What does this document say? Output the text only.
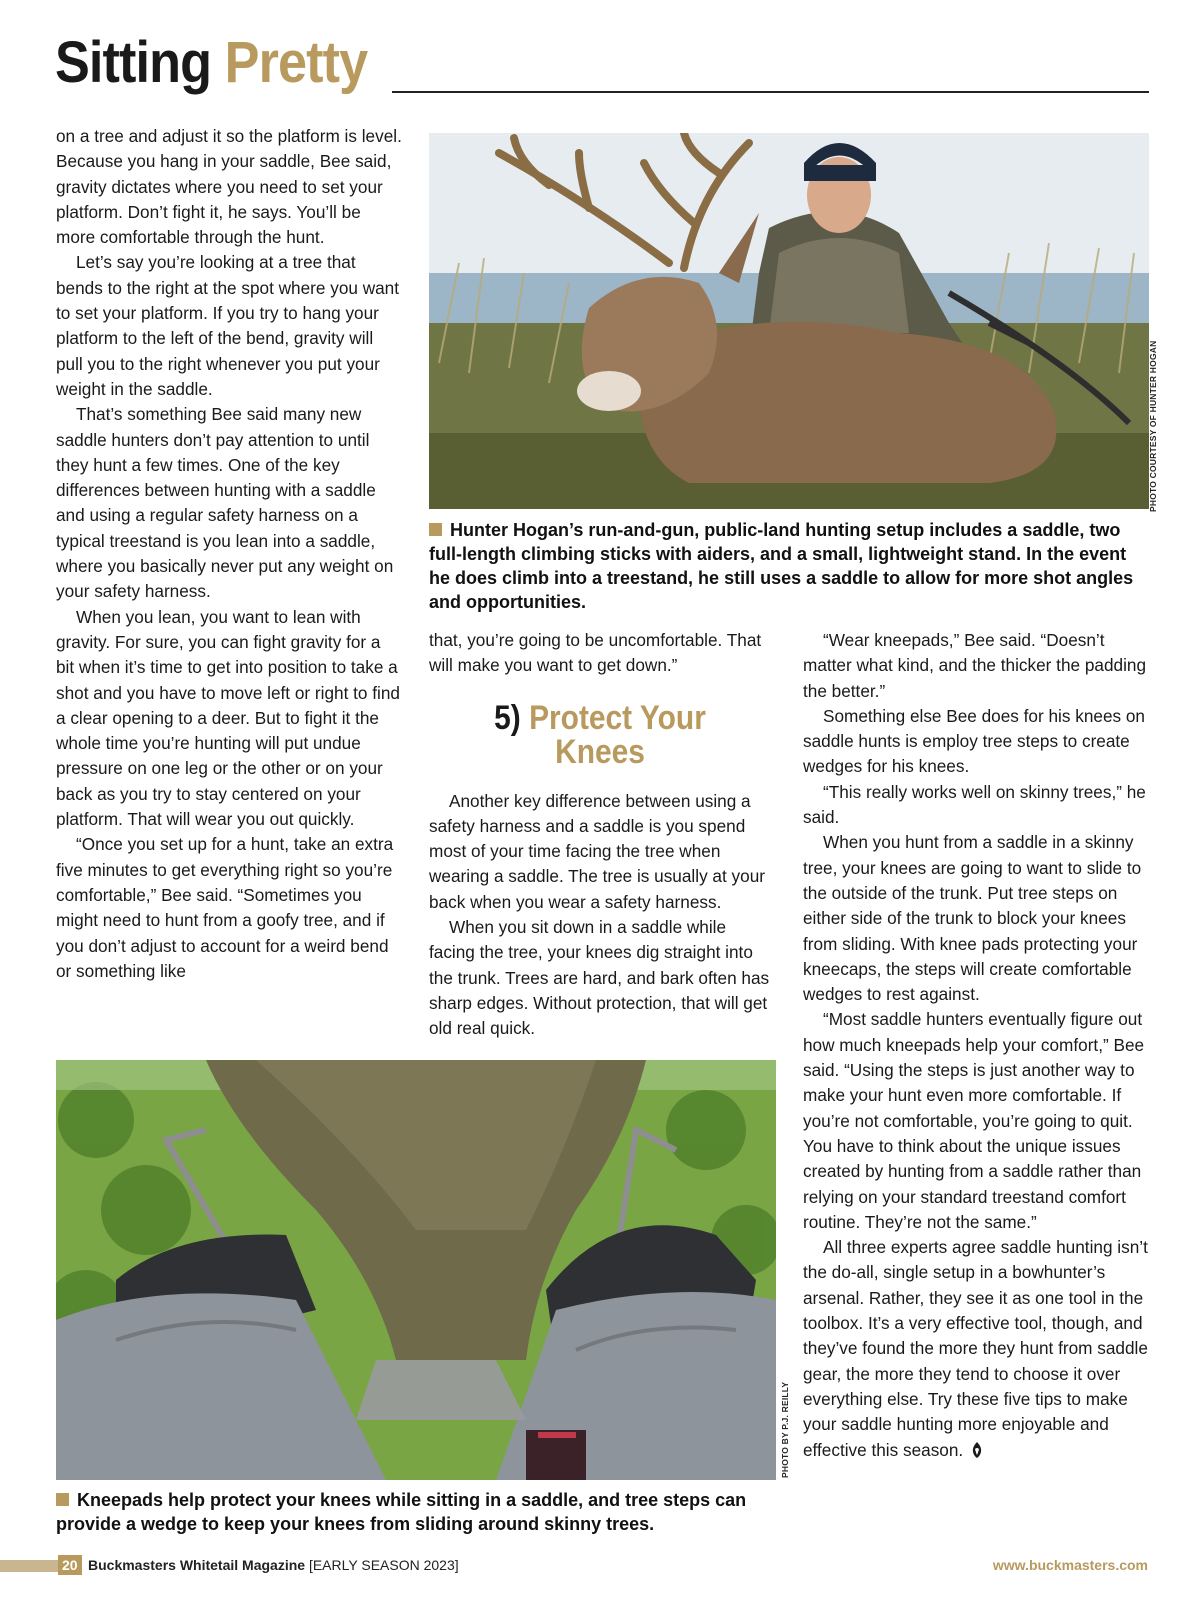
Sitting Pretty

on a tree and adjust it so the platform is level. Because you hang in your saddle, Bee said, gravity dictates where you need to set your platform. Don’t fight it, he says. You’ll be more comfortable through the hunt.

Let’s say you’re looking at a tree that bends to the right at the spot where you want to set your platform. If you try to hang your platform to the left of the bend, gravity will pull you to the right whenever you put your weight in the saddle.

That’s something Bee said many new saddle hunters don’t pay attention to until they hunt a few times. One of the key differences between hunting with a saddle and using a regular safety harness on a typical treestand is you lean into a saddle, where you basically never put any weight on your safety harness.

When you lean, you want to lean with gravity. For sure, you can fight gravity for a bit when it’s time to get into position to take a shot and you have to move left or right to find a clear opening to a deer. But to fight it the whole time you’re hunting will put undue pressure on one leg or the other or on your back as you try to stay centered on your platform. That will wear you out quickly.

“Once you set up for a hunt, take an extra five minutes to get everything right so you’re comfortable,” Bee said. “Sometimes you might need to hunt from a goofy tree, and if you don’t adjust to account for a weird bend or something like

PHOTO COURTESY OF HUNTER HOGAN
Hunter Hogan’s run-and-gun, public-land hunting setup includes a saddle, two full-length climbing sticks with aiders, and a small, lightweight stand. In the event he does climb into a treestand, he still uses a saddle to allow for more shot angles and opportunities.

that, you’re going to be uncomfortable. That will make you want to get down.”

5) Protect Your Knees

Another key difference between using a safety harness and a saddle is you spend most of your time facing the tree when wearing a saddle. The tree is usually at your back when you wear a safety harness.

When you sit down in a saddle while facing the tree, your knees dig straight into the trunk. Trees are hard, and bark often has sharp edges. Without protection, that will get old real quick.

“Wear kneepads,” Bee said. “Doesn’t matter what kind, and the thicker the padding the better.”

Something else Bee does for his knees on saddle hunts is employ tree steps to create wedges for his knees.

“This really works well on skinny trees,” he said.

When you hunt from a saddle in a skinny tree, your knees are going to want to slide to the outside of the trunk. Put tree steps on either side of the trunk to block your knees from sliding. With knee pads protecting your kneecaps, the steps will create comfortable wedges to rest against.

“Most saddle hunters eventually figure out how much kneepads help your comfort,” Bee said. “Using the steps is just another way to make your hunt even more comfortable. If you’re not comfortable, you’re going to quit. You have to think about the unique issues created by hunting from a saddle rather than relying on your standard treestand comfort routine. They’re not the same.”

All three experts agree saddle hunting isn’t the do-all, single setup in a bowhunter’s arsenal. Rather, they see it as one tool in the toolbox. It’s a very effective tool, though, and they’ve found the more they hunt from saddle gear, the more they tend to choose it over everything else. Try these five tips to make your saddle hunting more enjoyable and effective this season.

PHOTO BY P.J. REILLY
Kneepads help protect your knees while sitting in a saddle, and tree steps can provide a wedge to keep your knees from sliding around skinny trees.
20 Buckmasters Whitetail Magazine [EARLY SEASON 2023]	www.buckmasters.com
